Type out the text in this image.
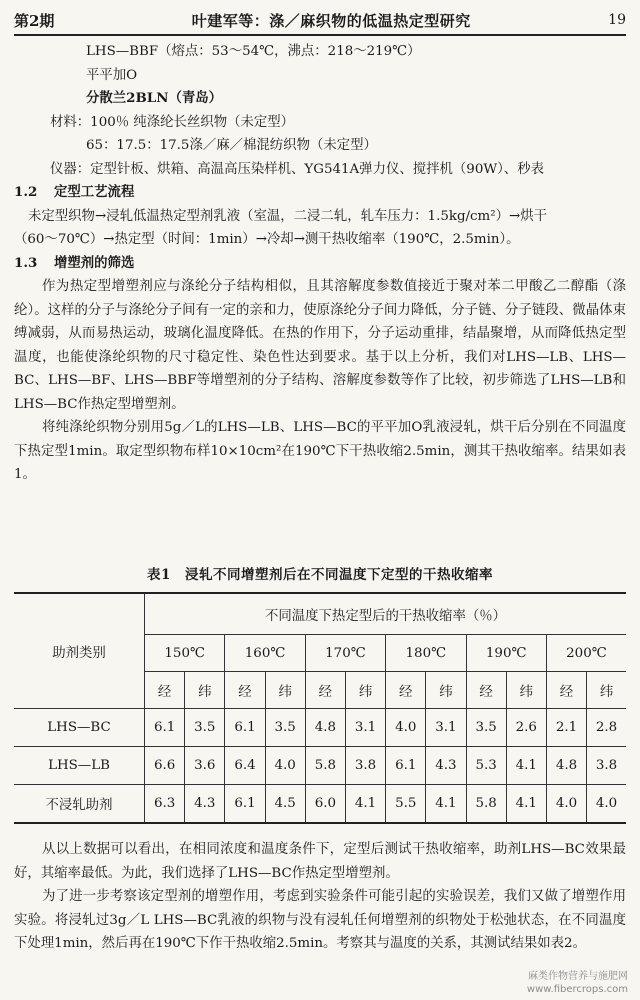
第2期	叶建军等：涤／麻织物的低温热定型研究	19
LHS—BBF（熔点：53～54℃，沸点：218～219℃）
平平加O
分散兰2BLN（青岛）
材料：100％ 纯涤纶长丝织物（未定型）
65：17.5：17.5涤／麻／棉混纺织物（未定型）
仪器：定型针板、烘箱、高温高压染样机、YG541A弹力仪、搅拌机（90W）、秒表
1.2 定型工艺流程
未定型织物→浸轧低温热定型剂乳液（室温，二浸二轧，轧车压力：1.5kg/cm²）→烘干
（60～70℃）→热定型（时间：1min）→冷却→测干热收缩率（190℃，2.5min）。
1.3 增塑剂的筛选
作为热定型增塑剂应与涤纶分子结构相似，且其溶解度参数值接近于聚对苯二甲酸乙二醇酯（涤纶）。这样的分子与涤纶分子间有一定的亲和力，使原涤纶分子间力降低，分子链、分子链段、微晶体束缚减弱，从而易热运动，玻璃化温度降低。在热的作用下，分子运动重排，结晶聚增，从而降低热定型温度，也能使涤纶织物的尺寸稳定性、染色性达到要求。基于以上分析，我们对LHS—LB、LHS—BC、LHS—BF、LHS—BBF等增塑剂的分子结构、溶解度参数等作了比较，初步筛选了LHS—LB和LHS—BC作热定型增塑剂。
将纯涤纶织物分别用5g／L的LHS—LB、LHS—BC的平平加O乳液浸轧，烘干后分别在不同温度下热定型1min。取定型织物布样10×10cm²在190℃下干热收缩2.5min，测其干热收缩率。结果如表1。
表1　浸轧不同增塑剂后在不同温度下定型的干热收缩率
助剂类别	不同温度下热定型后的干热收缩率（％）											
	150℃		160℃		170℃		180℃		190℃		200℃	
	经	纬	经	纬	经	纬	经	纬	经	纬	经	纬
LHS—BC	6.1	3.5	6.1	3.5	4.8	3.1	4.0	3.1	3.5	2.6	2.1	2.8
LHS—LB	6.6	3.6	6.4	4.0	5.8	3.8	6.1	4.3	5.3	4.1	4.8	3.8
不浸轧助剂	6.3	4.3	6.1	4.5	6.0	4.1	5.5	4.1	5.8	4.1	4.0	4.0
从以上数据可以看出，在相同浓度和温度条件下，定型后测试干热收缩率，助剂LHS—BC效果最好，其缩率最低。为此，我们选择了LHS—BC作热定型增塑剂。
为了进一步考察该定型剂的增塑作用，考虑到实验条件可能引起的实验误差，我们又做了增塑作用实验。将浸轧过3g／L LHS—BC乳液的织物与没有浸轧任何增塑剂的织物处于松弛状态，在不同温度下处理1min，然后再在190℃下作干热收缩2.5min。考察其与温度的关系，其测试结果如表2。
麻类作物营养与施肥网
www.fibercrops.com
